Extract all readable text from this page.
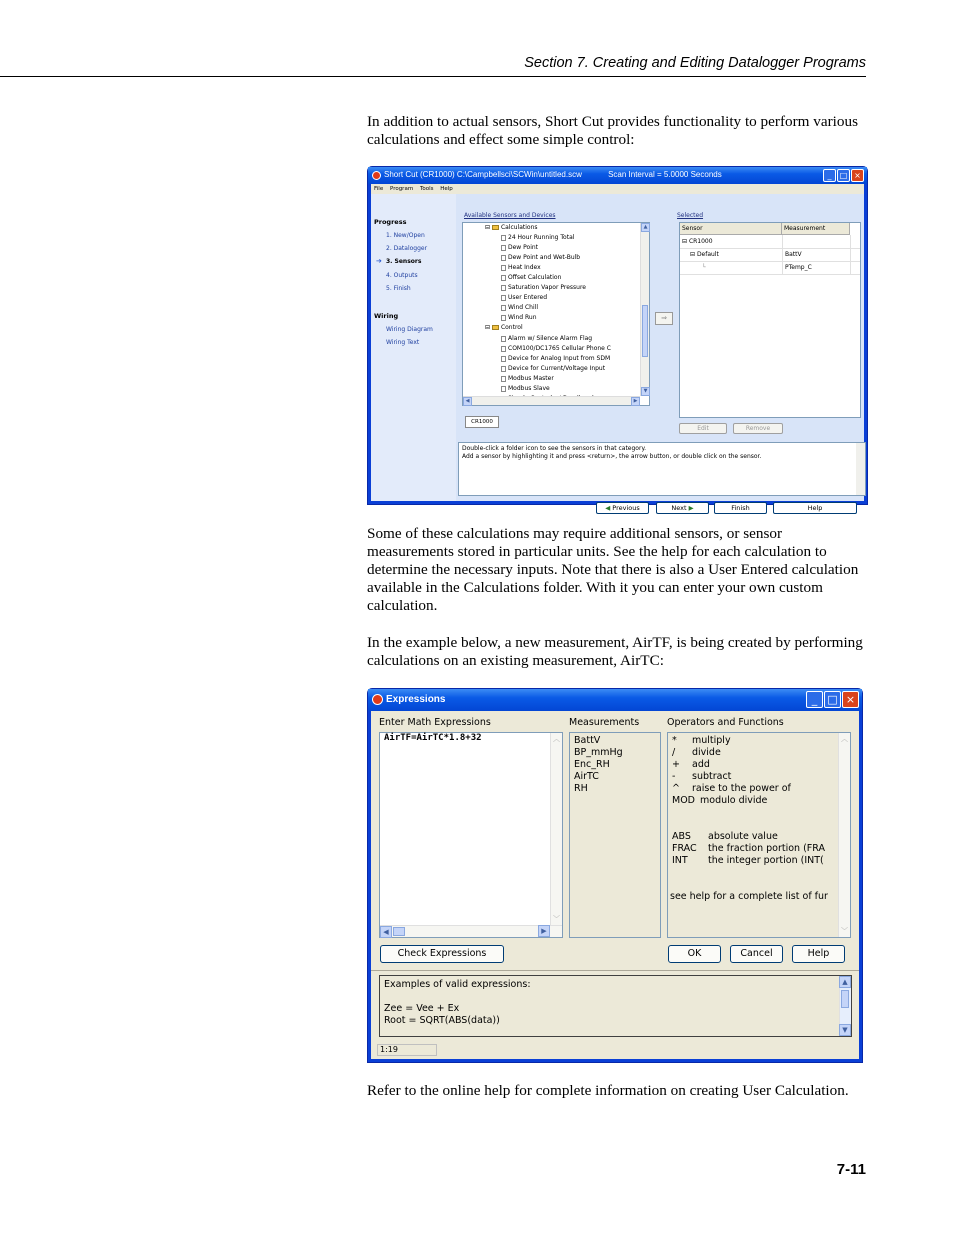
Section 7. Creating and Editing Datalogger Programs
In addition to actual sensors, Short Cut provides functionality to perform various calculations and effect some simple control:
Short Cut (CR1000) C:\Campbellsci\SCWin\untitled.scw	Scan Interval = 5.0000 Seconds	_	□ ×
File Program Tools Help
Progress
1. New/Open
2. Datalogger
➔ 3. Sensors
4. Outputs
5. Finish
Wiring
Wiring Diagram
Wiring Text
Available Sensors and Devices	Selected
⊟ Calculations
24 Hour Running Total
Dew Point
Dew Point and Wet-Bulb
Heat Index
Offset Calculation
Saturation Vapor Pressure
User Entered
Wind Chill
Wind Run
⊟ Control
Alarm w/ Silence Alarm Flag
COM100/DC1765 Cellular Phone C
Device for Analog Input from SDM
Device for Current/Voltage Input
Modbus Master
Modbus Slave
▲
▼
◀	▶
CR1000
⇒
Sensor	Measurement
⊟ CR1000
⊟ Default	BattV
└	PTemp_C
Edit	Remove
Double-click a folder icon to see the sensors in that category.
Add a sensor by highlighting it and press <return>, the arrow button, or double click on the sensor.
◀ Previous	Next ▶	Finish	Help
Some of these calculations may require additional sensors, or sensor measurements stored in particular units. See the help for each calculation to determine the necessary inputs. Note that there is also a User Entered calculation available in the Calculations folder. With it you can enter your own custom calculation.
In the example below, a new measurement, AirTF, is being created by performing calculations on an existing measurement, AirTC:
Expressions	_ □ ×
Enter Math Expressions	Measurements	Operators and Functions
AirTF=AirTC*1.8+32	︿
﹀
◀	▶
BattV
BP_mmHg
Enc_RH
AirTC
RH
* multiply
/ divide
+ add
- subtract
^ raise to the power of
MOD modulo divide
ABS absolute value
FRAC the fraction portion (FRA
INT the integer portion (INT(
see help for a complete list of fur
︿
﹀
Check Expressions	OK	Cancel	Help
Examples of valid expressions:
Zee = Vee + Ex
Root = SQRT(ABS(data))
▲
▼
1:19
Refer to the online help for complete information on creating User Calculation.
7-11
